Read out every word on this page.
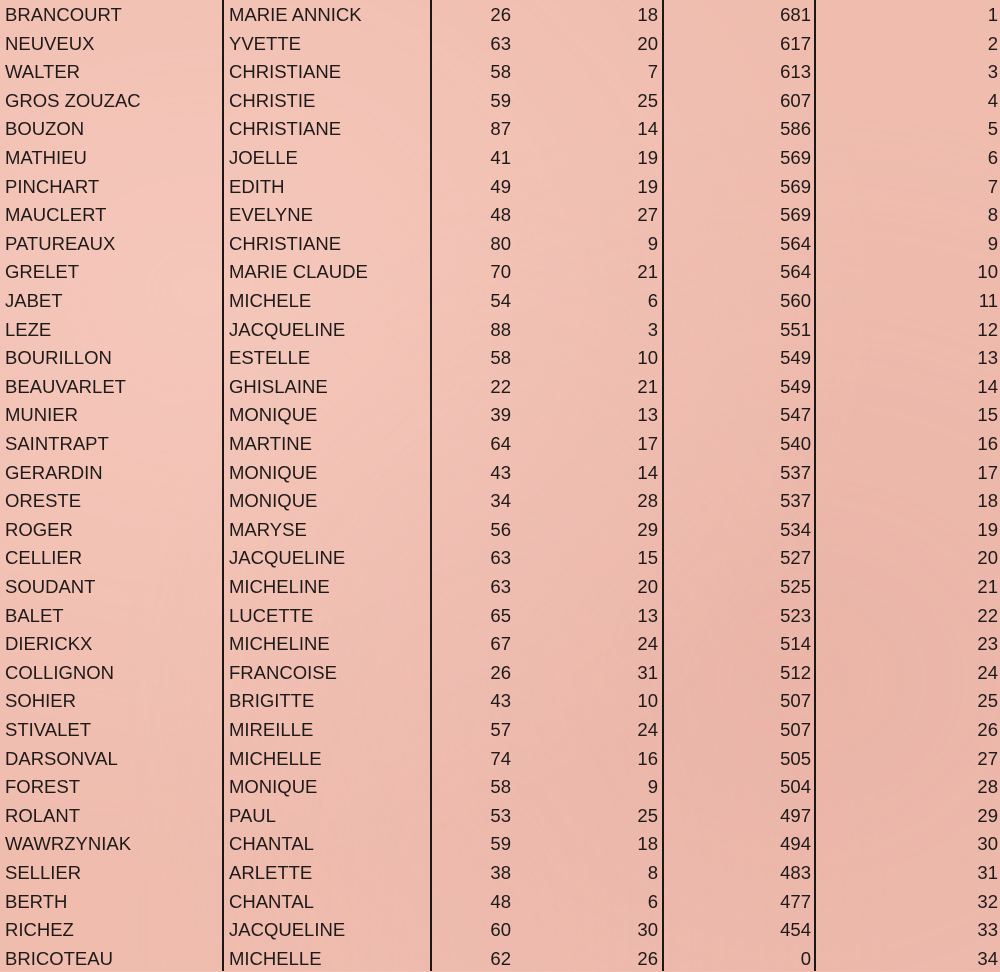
BRANCOURT	MARIE ANNICK	26	18	681	1
NEUVEUX	YVETTE	63	20	617	2
WALTER	CHRISTIANE	58	7	613	3
GROS ZOUZAC	CHRISTIE	59	25	607	4
BOUZON	CHRISTIANE	87	14	586	5
MATHIEU	JOELLE	41	19	569	6
PINCHART	EDITH	49	19	569	7
MAUCLERT	EVELYNE	48	27	569	8
PATUREAUX	CHRISTIANE	80	9	564	9
GRELET	MARIE CLAUDE	70	21	564	10
JABET	MICHELE	54	6	560	11
LEZE	JACQUELINE	88	3	551	12
BOURILLON	ESTELLE	58	10	549	13
BEAUVARLET	GHISLAINE	22	21	549	14
MUNIER	MONIQUE	39	13	547	15
SAINTRAPT	MARTINE	64	17	540	16
GERARDIN	MONIQUE	43	14	537	17
ORESTE	MONIQUE	34	28	537	18
ROGER	MARYSE	56	29	534	19
CELLIER	JACQUELINE	63	15	527	20
SOUDANT	MICHELINE	63	20	525	21
BALET	LUCETTE	65	13	523	22
DIERICKX	MICHELINE	67	24	514	23
COLLIGNON	FRANCOISE	26	31	512	24
SOHIER	BRIGITTE	43	10	507	25
STIVALET	MIREILLE	57	24	507	26
DARSONVAL	MICHELLE	74	16	505	27
FOREST	MONIQUE	58	9	504	28
ROLANT	PAUL	53	25	497	29
WAWRZYNIAK	CHANTAL	59	18	494	30
SELLIER	ARLETTE	38	8	483	31
BERTH	CHANTAL	48	6	477	32
RICHEZ	JACQUELINE	60	30	454	33
BRICOTEAU	MICHELLE	62	26	0	34
